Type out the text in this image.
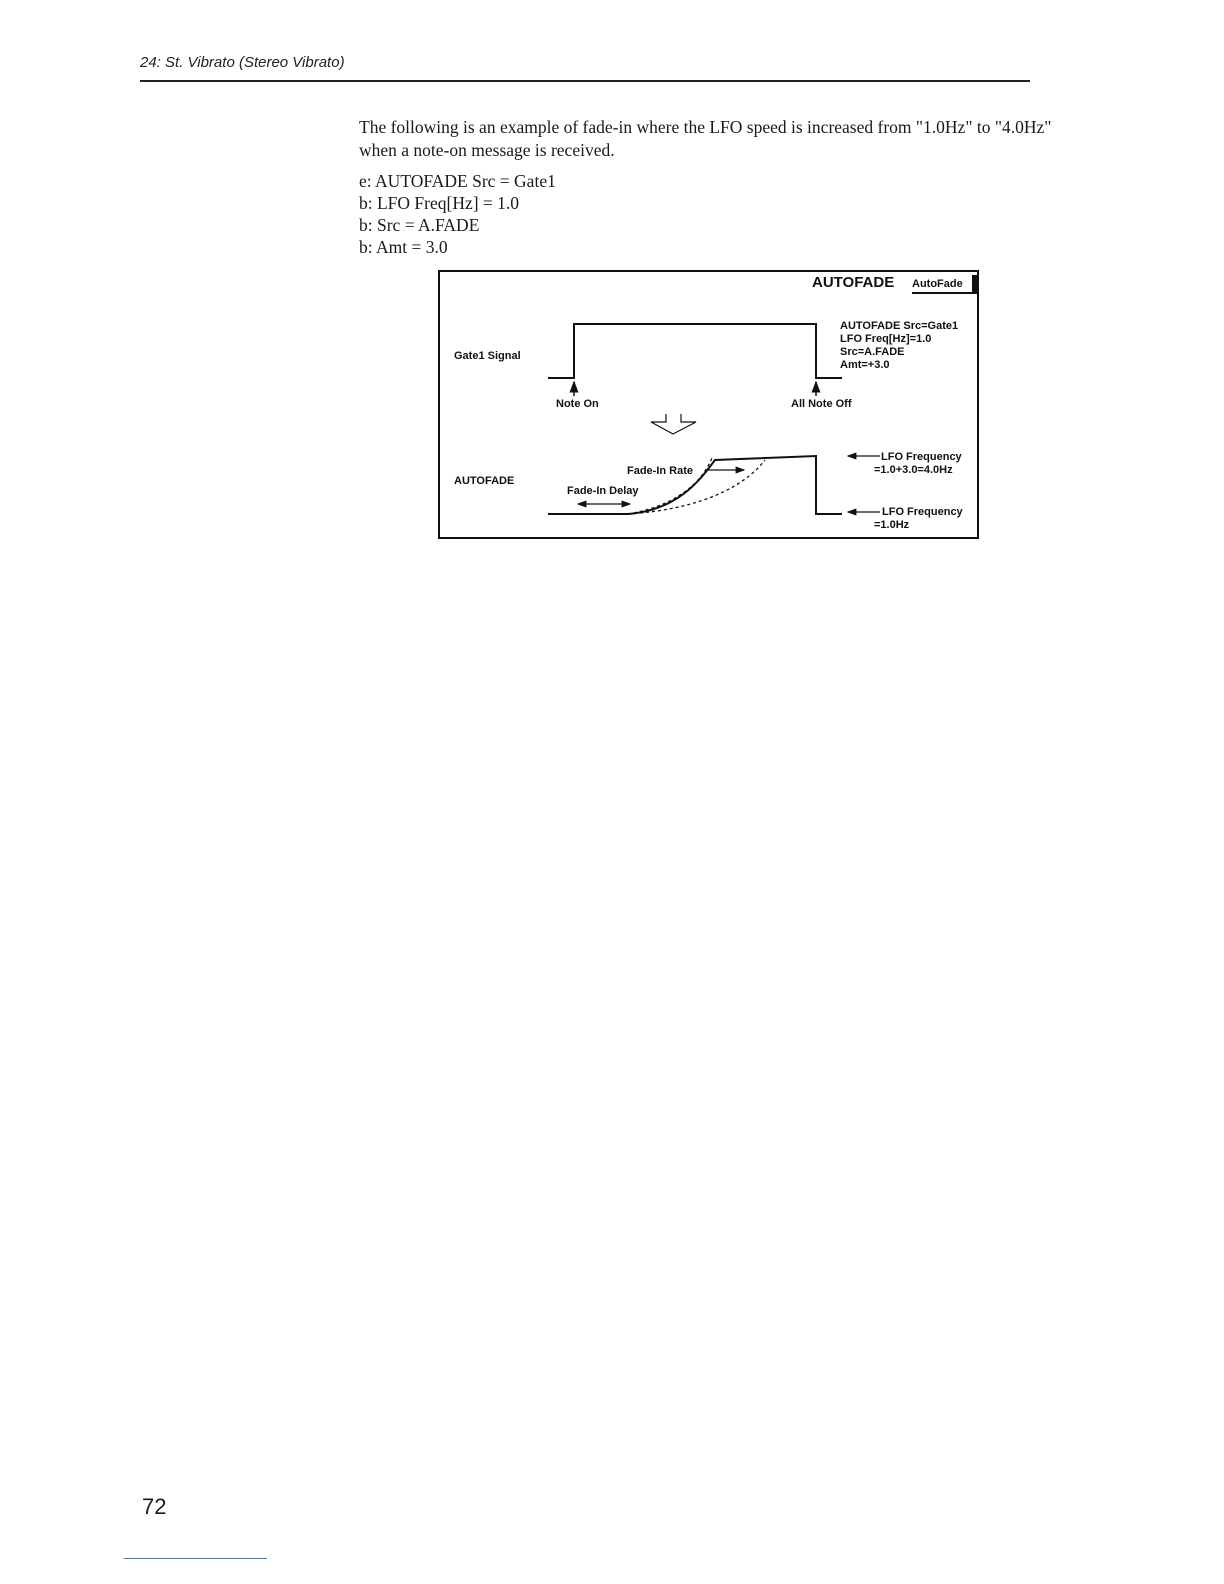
24: St. Vibrato (Stereo Vibrato)

The following is an example of fade-in where the LFO speed is increased from "1.0Hz" to "4.0Hz" when a note-on message is received.

e: AUTOFADE Src = Gate1
b: LFO Freq[Hz] = 1.0
b: Src = A.FADE
b: Amt = 3.0
AUTOFADE AutoFade
Gate1 Signal
AUTOFADE
Note On	All Note Off
Fade-In Rate
Fade-In Delay
AUTOFADE Src=Gate1
LFO Freq[Hz]=1.0
Src=A.FADE
Amt=+3.0
LFO Frequency
=1.0+3.0=4.0Hz
LFO Frequency
=1.0Hz
72
